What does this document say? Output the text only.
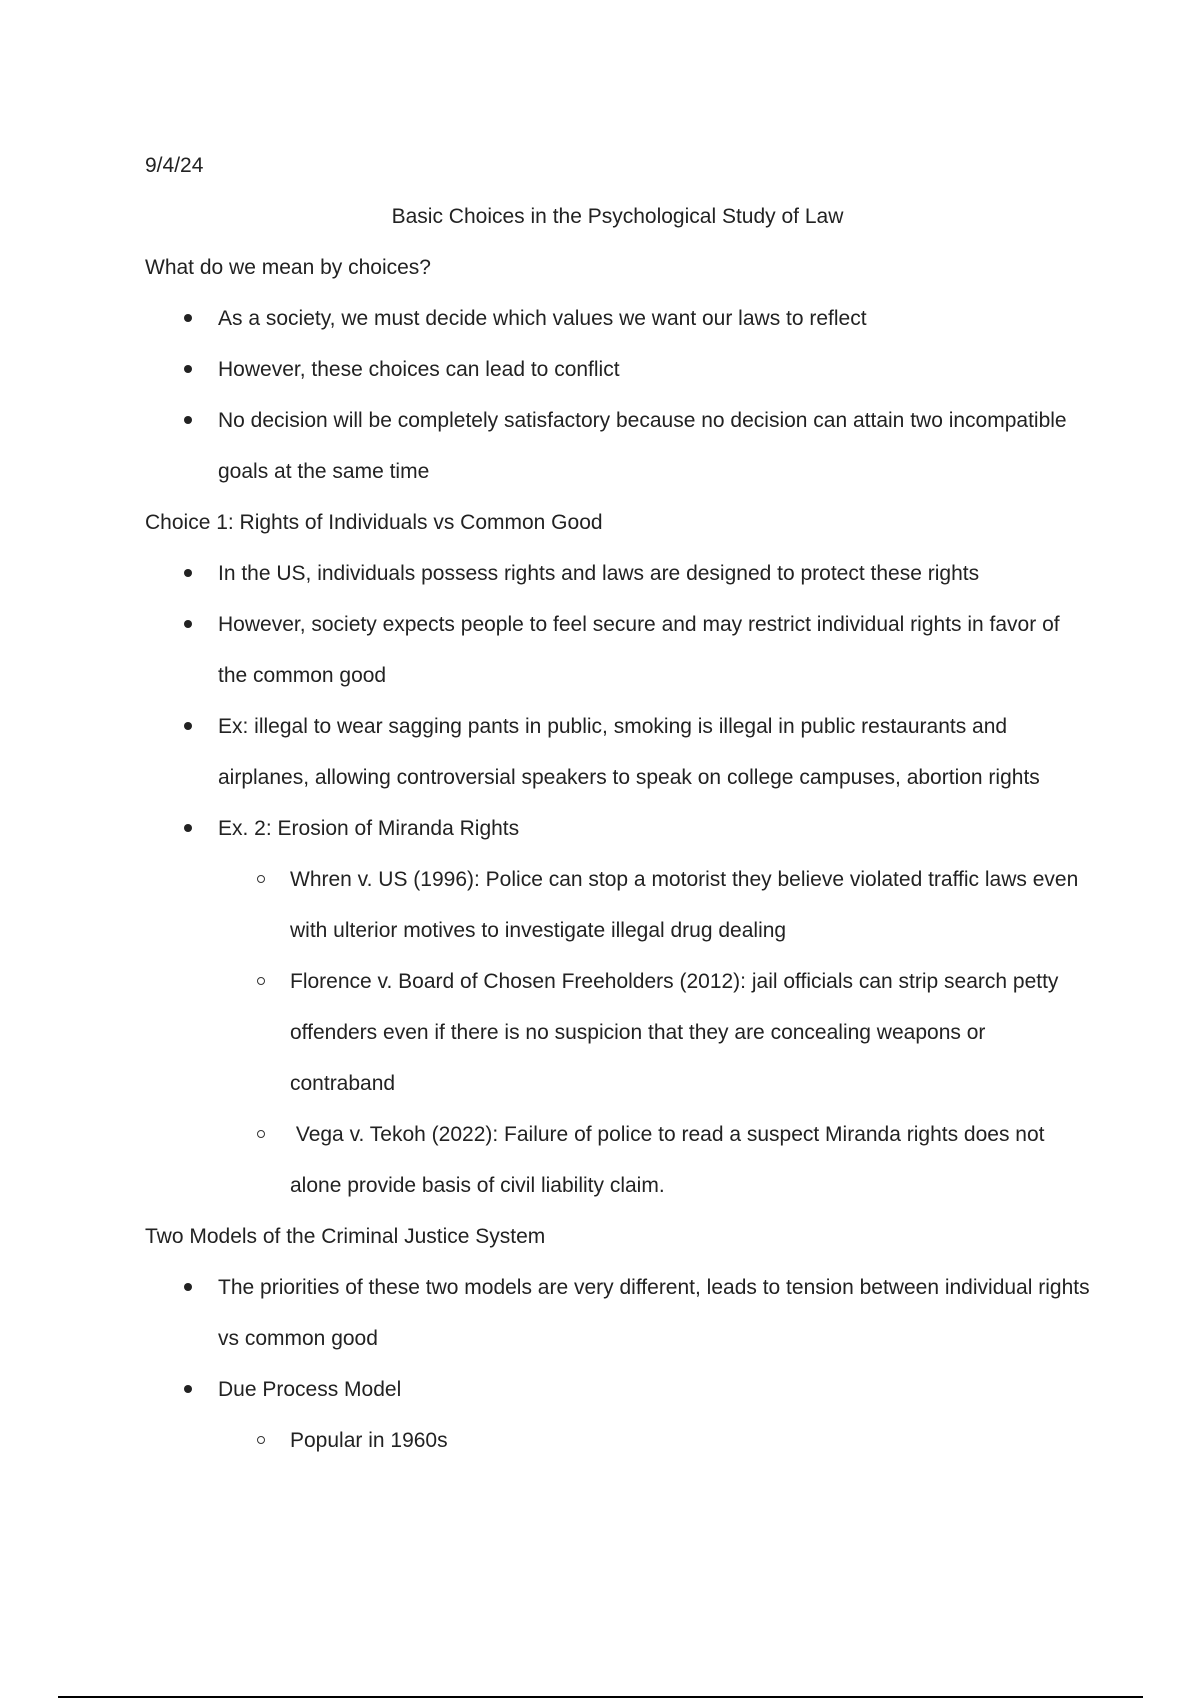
9/4/24

Basic Choices in the Psychological Study of Law

What do we mean by choices?

As a society, we must decide which values we want our laws to reflect
However, these choices can lead to conflict
No decision will be completely satisfactory because no decision can attain two incompatible goals at the same time

Choice 1: Rights of Individuals vs Common Good

In the US, individuals possess rights and laws are designed to protect these rights
However, society expects people to feel secure and may restrict individual rights in favor of the common good
Ex: illegal to wear sagging pants in public, smoking is illegal in public restaurants and airplanes, allowing controversial speakers to speak on college campuses, abortion rights
Ex. 2: Erosion of Miranda Rights
Whren v. US (1996): Police can stop a motorist they believe violated traffic laws even with ulterior motives to investigate illegal drug dealing
Florence v. Board of Chosen Freeholders (2012): jail officials can strip search petty offenders even if there is no suspicion that they are concealing weapons or contraband
Vega v. Tekoh (2022): Failure of police to read a suspect Miranda rights does not alone provide basis of civil liability claim.

Two Models of the Criminal Justice System

The priorities of these two models are very different, leads to tension between individual rights vs common good
Due Process Model
Popular in 1960s
